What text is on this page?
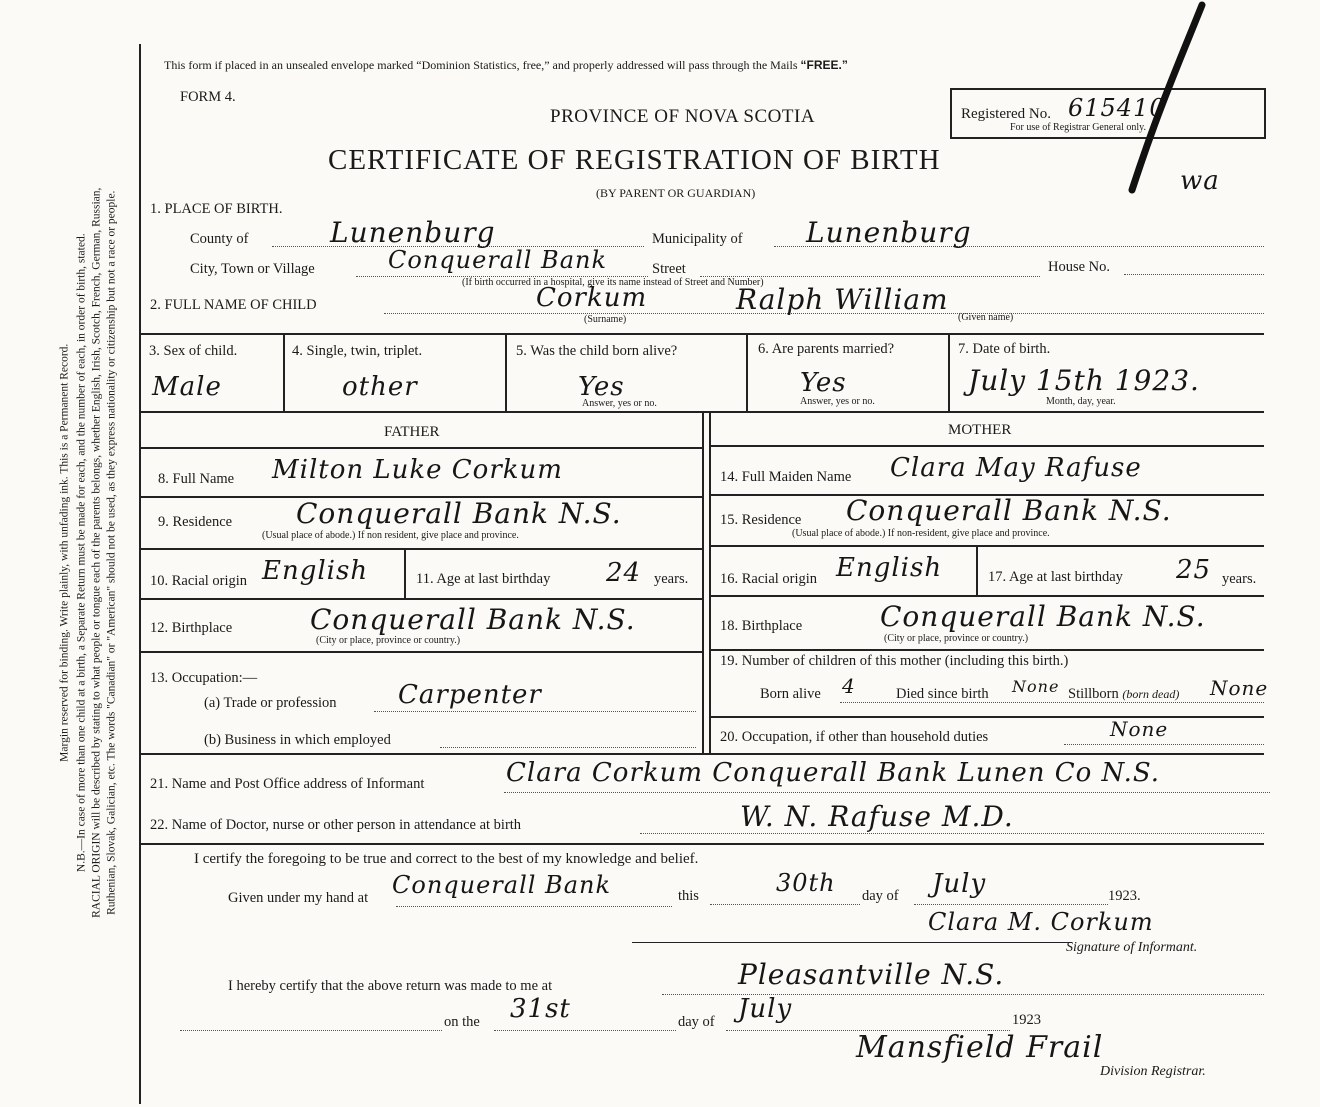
Margin reserved for binding. Write plainly, with unfading ink. This is a Permanent Record. N.B.—In case of more than one child at a birth, a Separate Return must be made for each, and the number of each, in order of birth, stated. RACIAL ORIGIN will be described by stating to what people or tongue each of the parents belongs, whether English, Irish, Scotch, French, German, Russian, Ruthenian, Slovak, Galician, etc. The words "Canadian" or "American" should not be used, as they express nationality or citizenship but not a race or people.
This form if placed in an unsealed envelope marked “Dominion Statistics, free,” and properly addressed will pass through the Mails “FREE.”
FORM 4.
PROVINCE OF NOVA SCOTIA
CERTIFICATE OF REGISTRATION OF BIRTH
(BY PARENT OR GUARDIAN)
Registered No. 615410
For use of Registrar General only.
wa
1. PLACE OF BIRTH.
County of	Lunenburg	Municipality of Lunenburg
City, Town or Village	Conquerall Bank	Street	House No.
(If birth occurred in a hospital, give its name instead of Street and Number)
2. FULL NAME OF CHILD	Corkum	Ralph William
(Surname)	(Given name)
3. Sex of child.
Male
4. Single, twin, triplet.
other
5. Was the child born alive?
Yes
Answer, yes or no.
6. Are parents married?
Yes
Answer, yes or no.
7. Date of birth.
July 15th 1923.
Month, day, year.
FATHER	MOTHER
8. Full Name Milton Luke Corkum
9. Residence Conquerall Bank N.S.
(Usual place of abode.) If non resident, give place and province.
10. Racial origin English	11. Age at last birthday 24 years.
12. Birthplace	Conquerall Bank N.S.
(City or place, province or country.)
13. Occupation:—
(a) Trade or profession Carpenter
(b) Business in which employed
14. Full Maiden Name Clara May Rafuse
15. Residence Conquerall Bank N.S.
(Usual place of abode.) If non-resident, give place and province.
16. Racial origin English	17. Age at last birthday 25 years.
18. Birthplace	Conquerall Bank N.S.
(City or place, province or country.)
19. Number of children of this mother (including this birth.)
Born alive 4	Died since birth None Stillborn (born dead) None
20. Occupation, if other than household duties	None
21. Name and Post Office address of Informant	Clara Corkum Conquerall Bank Lunen Co N.S.
22. Name of Doctor, nurse or other person in attendance at birth	W. N. Rafuse M.D.
I certify the foregoing to be true and correct to the best of my knowledge and belief.
Given under my hand at Conquerall Bank	this	30th day of July	1923.
Clara M. Corkum
Signature of Informant.
I hereby certify that the above return was made to me at	Pleasantville N.S.
on the 31st	day of July	1923
Mansfield Frail
Division Registrar.
